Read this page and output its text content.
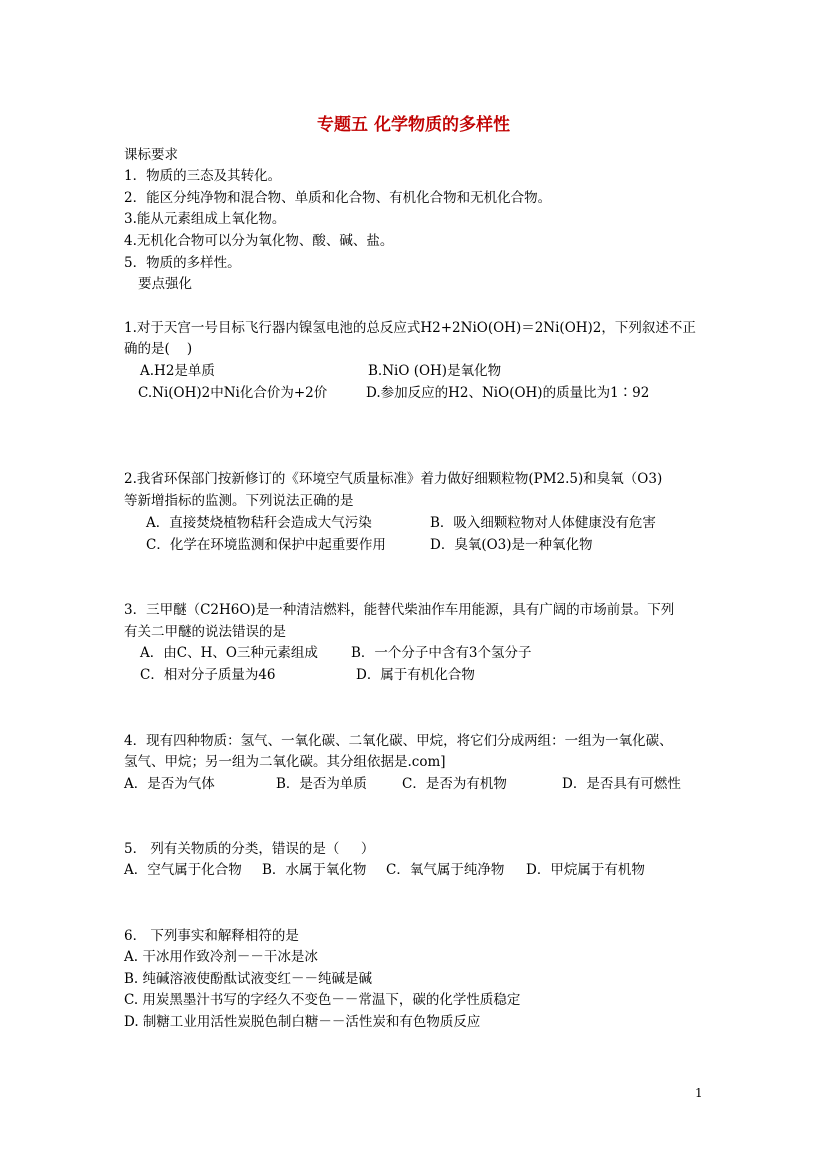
专题五 化学物质的多样性
课标要求
1．物质的三态及其转化。
2．能区分纯净物和混合物、单质和化合物、有机化合物和无机化合物。
3.能从元素组成上氧化物。
4.无机化合物可以分为氧化物、酸、碱、盐。
5．物质的多样性。
要点强化
1.对于天宫一号目标飞行器内镍氢电池的总反应式H2+2NiO(OH)＝2Ni(OH)2，下列叙述不正
确的是(    )
A.H2是单质	B.NiO (OH)是氧化物
C.Ni(OH)2中Ni化合价为+2价	D.参加反应的H2、NiO(OH)的质量比为1∶92
2.我省环保部门按新修订的《环境空气质量标准》着力做好细颗粒物(PM2.5)和臭氧（O3)
等新增指标的监测。下列说法正确的是
A．直接焚烧植物秸秆会造成大气污染	B．吸入细颗粒物对人体健康没有危害
C．化学在环境监测和保护中起重要作用	D．臭氧(O3)是一种氧化物
3．三甲醚（C2H6O)是一种清洁燃料，能替代柴油作车用能源，具有广阔的市场前景。下列
有关二甲醚的说法错误的是
A．由C、H、O三种元素组成 B．一个分子中含有3个氢分子
C．相对分子质量为46	D．属于有机化合物
4．现有四种物质：氢气、一氧化碳、二氧化碳、甲烷，将它们分成两组：一组为一氧化碳、
氢气、甲烷；另一组为二氧化碳。其分组依据是.com]
A．是否为气体	B．是否为单质	C．是否为有机物	D．是否具有可燃性
5． 列有关物质的分类，错误的是（     ）
A．空气属于化合物 B．水属于氧化物 C．氧气属于纯净物 D．甲烷属于有机物
6． 下列事实和解释相符的是
A. 干冰用作致冷剂－－干冰是冰
B. 纯碱溶液使酚酞试液变红－－纯碱是碱
C. 用炭黑墨汁书写的字经久不变色－－常温下，碳的化学性质稳定
D. 制糖工业用活性炭脱色制白糖－－活性炭和有色物质反应
1
